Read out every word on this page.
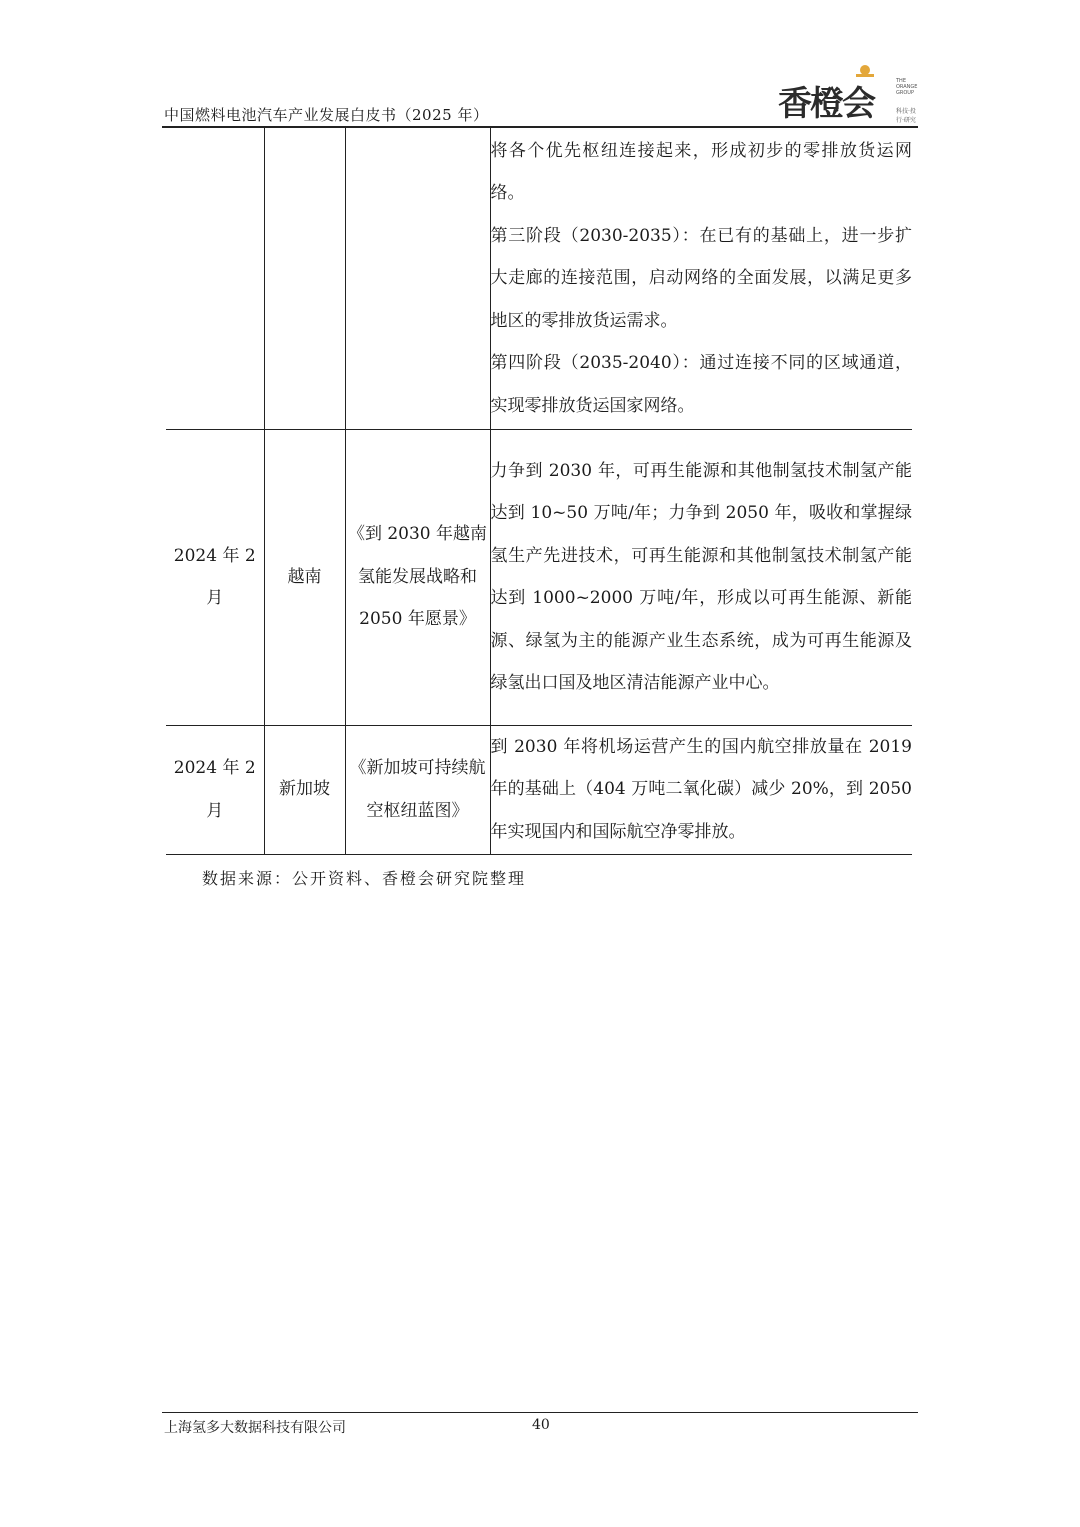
中国燃料电池汽车产业发展白皮书（2025 年）	香橙会
THE ORANGE GROUP
科技·投行·研究

			将各个优先枢纽连接起来，形成初步的零排放货运网络。

第三阶段（2030-2035）：在已有的基础上，进一步扩大走廊的连接范围，启动网络的全面发展，以满足更多地区的零排放货运需求。

第四阶段（2035-2040）：通过连接不同的区域通道，实现零排放货运国家网络。

2024 年 2 月	越南	《到 2030 年越南氢能发展战略和 2050 年愿景》	力争到 2030 年，可再生能源和其他制氢技术制氢产能达到 10~50 万吨/年；力争到 2050 年，吸收和掌握绿氢生产先进技术，可再生能源和其他制氢技术制氢产能达到 1000~2000 万吨/年，形成以可再生能源、新能源、绿氢为主的能源产业生态系统，成为可再生能源及绿氢出口国及地区清洁能源产业中心。

2024 年 2 月	新加坡	《新加坡可持续航空枢纽蓝图》	到 2030 年将机场运营产生的国内航空排放量在 2019 年的基础上（404 万吨二氧化碳）减少 20%，到 2050 年实现国内和国际航空净零排放。

数据来源：公开资料、香橙会研究院整理
上海氢多大数据科技有限公司	40
